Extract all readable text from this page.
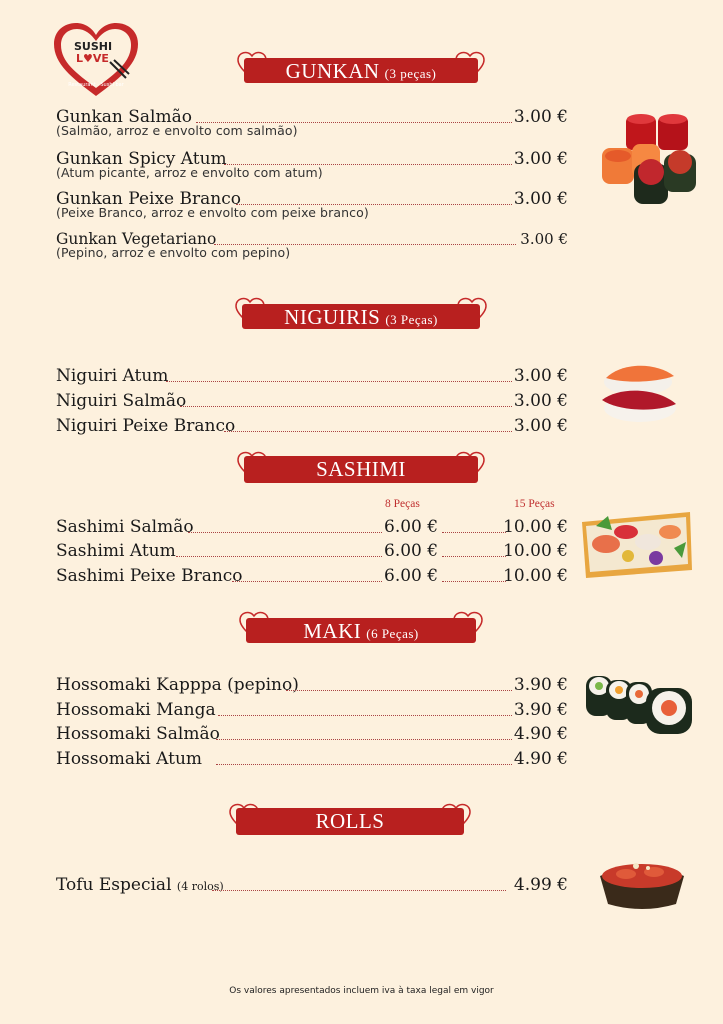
SUSHI
L♥VE
Restaurant · Sushi bar
GUNKAN (3 peças)
Gunkan Salmão	3.00 €
(Salmão, arroz e envolto com salmão)
Gunkan Spicy Atum	3.00 €
(Atum picante, arroz e envolto com atum)
Gunkan Peixe Branco	3.00 €
(Peixe Branco, arroz e envolto com peixe branco)
Gunkan Vegetariano	3.00 €
(Pepino, arroz e envolto com pepino)
NIGUIRIS (3 Peças)
Niguiri Atum	3.00 €
Niguiri Salmão	3.00 €
Niguiri Peixe Branco	3.00 €
SASHIMI
8 Peças	15 Peças
Sashimi Salmão	6.00 €	10.00 €
Sashimi Atum	6.00 €	10.00 €
Sashimi Peixe Branco	6.00 €	10.00 €
MAKI (6 Peças)
Hossomaki Kapppa (pepino)	3.90 €
Hossomaki Manga	3.90 €
Hossomaki Salmão	4.90 €
Hossomaki Atum	4.90 €
ROLLS
Tofu Especial (4 rolos)	4.99 €
Os valores apresentados incluem iva à taxa legal em vigor
